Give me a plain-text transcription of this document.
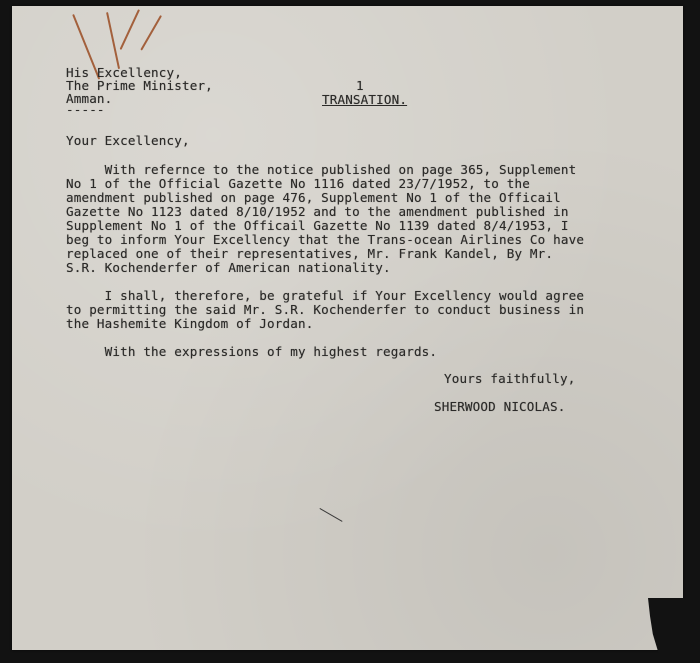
His Excellency,
The Prime Minister,
Amman.
-----
1
TRANSATION.
Your Excellency,
With refernce to the notice published on page 365, Supplement
No 1 of the Official Gazette No 1116 dated 23/7/1952, to the
amendment published on page 476, Supplement No 1 of the Officail
Gazette No 1123 dated 8/10/1952 and to the amendment published in
Supplement No 1 of the Officail Gazette No 1139 dated 8/4/1953, I
beg to inform Your Excellency that the Trans-ocean Airlines Co have
replaced one of their representatives, Mr. Frank Kandel, By Mr.
S.R. Kochenderfer of American nationality.
I shall, therefore, be grateful if Your Excellency would agree
to permitting the said Mr. S.R. Kochenderfer to conduct business in
the Hashemite Kingdom of Jordan.
With the expressions of my highest regards.
Yours faithfully,
SHERWOOD NICOLAS.
